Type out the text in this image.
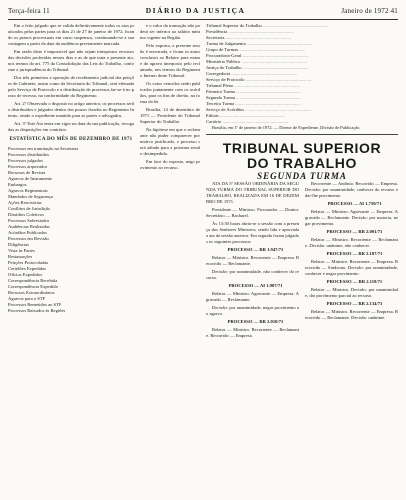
Terça-feira 11	DIÁRIO DA JUSTIÇA	Janeiro de 1972 41

Em o feito julgado que se valida definitivamente todos os atos praticados pelas partes para os dias 21 de 27 de janeiro de 1972, ficando os prazos processuais em curso suspensos, continuando-se a sua contagem a partir da data da audiência previamente marcada.

Em razão disto é impossível que não sejam interpostos recursos das decisões proferidas nesses dias e as de que trata o presente ato, nos termos do art. 775 da Consolidação das Leis do Trabalho, conforme a jurisprudência do Tribunal.

Dos três primeiros a operação de recebimento judicial das petições de Gabinete, assim como da Secretaria do Tribunal, será efetuada pelo Serviço de Protocolo e a distribuição de processos far-se-á no prazo de recesso, na conformidade do Regimento.

Art. 2º Observado o disposto no artigo anterior, os processos serão distribuídos e julgados dentro dos prazos fixados no Regimento Interno, sendo o expediente mantido para as partes e advogados.

Art. 3º Este Ato entra em vigor na data da sua publicação, revogadas as disposições em contrário.

ESTATÍSTICA DO MÊS DE DEZEMBRO DE 1971
Processos em tramitação na Secretaria
Processos distribuídos
Processos julgados
Processos arquivados
Recursos de Revista
Agravos de Instrumento
Embargos
Agravos Regimentais
Mandados de Segurança
Ações Rescisórias
Conflitos de Jurisdição
Dissídios Coletivos
Processos Sobrestados
Audiências Realizadas
Acórdãos Publicados
Processos em Revisão
Diligências
Vista às Partes
Restaurações
Petições Protocoladas
Certidões Expedidas
Ofícios Expedidos
Correspondência Recebida
Correspondência Expedida
Recursos Extraordinários
Agravos para o STF
Processos Remetidos ao STF
Processos Baixados às Regiões

e o valor da transação não poderá ser inferior ao salário mínimo vigente na Região.

Pelo exposto, a presente sessão é encerrada, e ficam os autos conclusos ao Relator para exame do agravo interposto pelo reclamado, nos termos do Regimento Interno deste Tribunal.

Os votos vencidos serão publicados juntamente com os acórdãos, para os fins de direito, na forma da lei.

Brasília, 14 de dezembro de 1971 — Presidente do Tribunal Superior do Trabalho.

Na hipótese em que o reclamante não puder comparecer por motivo justificado, o processo será adiado para a próxima sessão desimpedida.

Em face do exposto, nego provimento ao recurso.

Tribunal Superior do Trabalho .....
Presidência .....
Secretaria .....
Turma de Julgamento .....
Grupo de Turmas .....
Procuradoria-Geral .....
Ministério Público .....
Justiça do Trabalho .....
Corregedoria .....
Serviço de Protocolo .....
Tribunal Pleno .....
Primeira Turma .....
Segunda Turma .....
Terceira Turma .....
Serviço de Acórdãos .....
Editais .....
Cartório .....

Brasília, em 1º de janeiro de 1972. — Diretor de Expediente, Divisão de Publicação.

TRIBUNAL SUPERIOR
DO TRABALHO
SEGUNDA TURMA

ATA DA 5ª SESSÃO ORDINÁRIA DA SEGUNDA TURMA DO TRIBUNAL SUPERIOR DO TRABALHO, REALIZADA EM 16 DE DEZEMBRO DE 1971.

Presidente — Ministro. Procurador — Doutor. Secretário — Bacharel.

Às 13:30 horas abriu-se a sessão com a presença dos Senhores Ministros, sendo lida e aprovada a ata da sessão anterior. Em seguida foram julgados os seguintes processos:

PROCESSO — RR 1.947/71

Relator — Ministro. Recorrente — Empresa. Recorrido — Reclamante.

Decisão: por unanimidade, não conhecer do recurso.

PROCESSO — AI 1.907/71

Relator — Ministro. Agravante — Empresa. Agravado — Reclamante.

Decisão: por unanimidade, negar provimento ao agravo.

PROCESSO — RR 2.010/71

Relator — Ministro. Recorrente — Reclamante. Recorrido — Empresa.

Recorrente — Antônio. Recorrido — Empresa. Decisão: por unanimidade, conhecer do recurso e dar-lhe provimento.

PROCESSO — AI 1.759/71

Relator — Ministro. Agravante — Empresa. Agravado — Reclamante. Decisão: por maioria, negar provimento.

PROCESSO — RR 2.001/71

Relator — Ministro. Recorrente — Reclamante. Decisão: unânime, não conhecer.

PROCESSO — RR 2.107/71

Relator — Ministro. Recorrente — Empresa. Recorrido — Sindicato. Decisão: por unanimidade, conhecer e negar provimento.

PROCESSO — RR 2.119/71

Relator — Ministro. Decisão: por unanimidade, dar provimento parcial ao recurso.

PROCESSO — RR 2.134/71

Relator — Ministro. Recorrente — Empresa. Recorrido — Reclamante. Decisão: unânime.
